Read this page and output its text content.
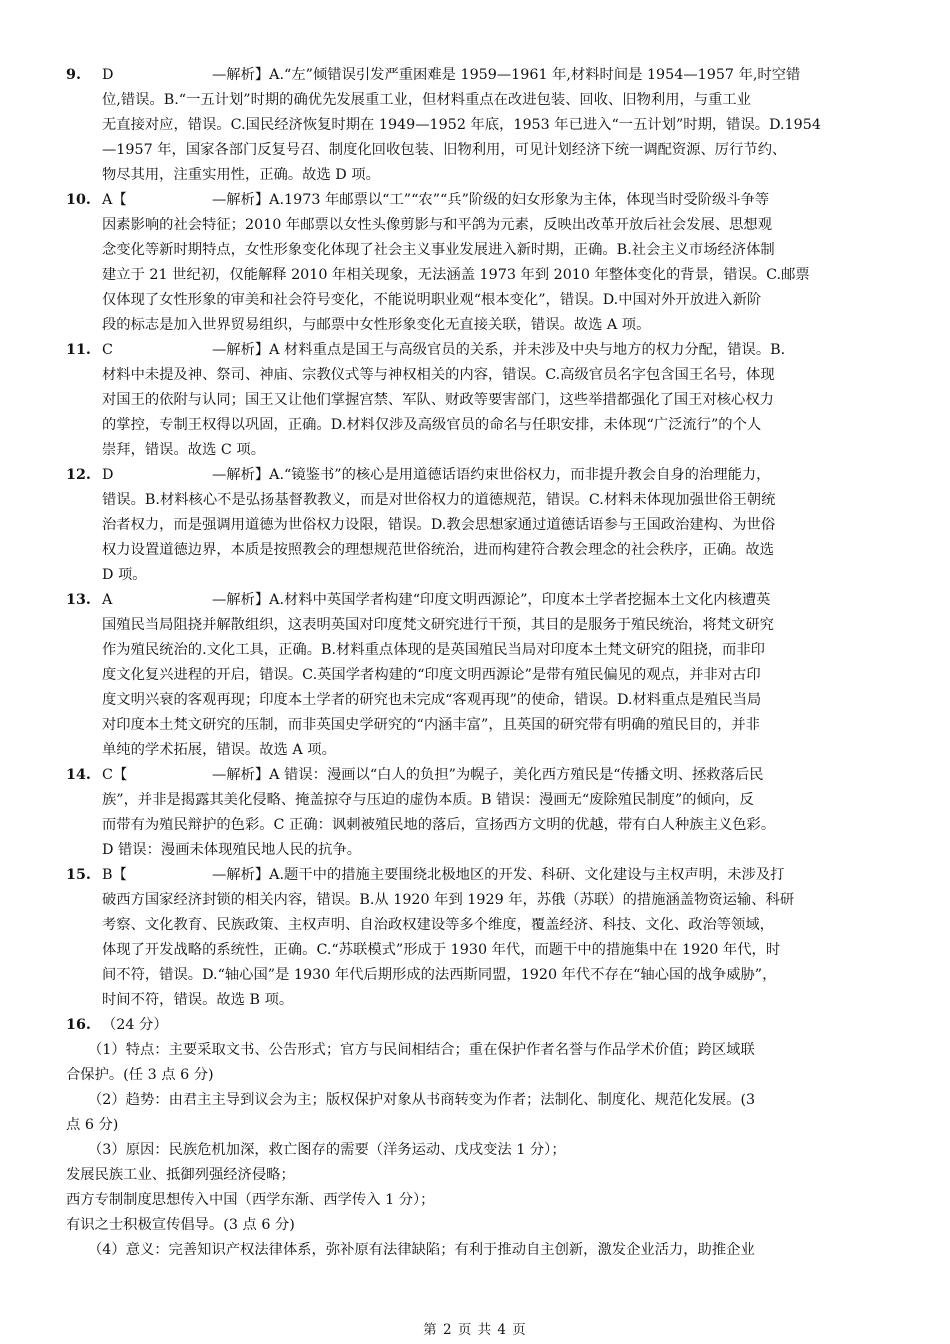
9.	D	—解析】A.“左”倾错误引发严重困难是 1959—1961 年,材料时间是 1954—1957 年,时空错

位,错误。B.“一五计划”时期的确优先发展重工业，但材料重点在改进包装、回收、旧物利用，与重工业

无直接对应，错误。C.国民经济恢复时期在 1949—1952 年底，1953 年已进入“一五计划”时期，错误。D.1954

—1957 年，国家各部门反复号召、制度化回收包装、旧物利用，可见计划经济下统一调配资源、厉行节约、

物尽其用，注重实用性，正确。故选 D 项。

10. A【	—解析】A.1973 年邮票以“工”“农”“兵”阶级的妇女形象为主体，体现当时受阶级斗争等

因素影响的社会特征；2010 年邮票以女性头像剪影与和平鸽为元素，反映出改革开放后社会发展、思想观

念变化等新时期特点，女性形象变化体现了社会主义事业发展进入新时期，正确。B.社会主义市场经济体制

建立于 21 世纪初，仅能解释 2010 年相关现象，无法涵盖 1973 年到 2010 年整体变化的背景，错误。C.邮票

仅体现了女性形象的审美和社会符号变化，不能说明职业观“根本变化”，错误。D.中国对外开放进入新阶

段的标志是加入世界贸易组织，与邮票中女性形象变化无直接关联，错误。故选 A 项。

11. C	—解析】A 材料重点是国王与高级官员的关系，并未涉及中央与地方的权力分配，错误。B.

材料中未提及神、祭司、神庙、宗教仪式等与神权相关的内容，错误。C.高级官员名字包含国王名号，体现

对国王的依附与认同；国王又让他们掌握宫禁、军队、财政等要害部门，这些举措都强化了国王对核心权力

的掌控，专制王权得以巩固，正确。D.材料仅涉及高级官员的命名与任职安排，未体现“广泛流行”的个人

崇拜，错误。故选 C 项。

12. D	—解析】A.“镜鉴书”的核心是用道德话语约束世俗权力，而非提升教会自身的治理能力，

错误。B.材料核心不是弘扬基督教教义，而是对世俗权力的道德规范，错误。C.材料未体现加强世俗王朝统

治者权力，而是强调用道德为世俗权力设限，错误。D.教会思想家通过道德话语参与王国政治建构、为世俗

权力设置道德边界，本质是按照教会的理想规范世俗统治，进而构建符合教会理念的社会秩序，正确。故选

D 项。

13. A	—解析】A.材料中英国学者构建“印度文明西源论”，印度本土学者挖掘本土文化内核遭英

国殖民当局阻挠并解散组织，这表明英国对印度梵文研究进行干预，其目的是服务于殖民统治，将梵文研究

作为殖民统治的.文化工具，正确。B.材料重点体现的是英国殖民当局对印度本土梵文研究的阻挠，而非印

度文化复兴进程的开启，错误。C.英国学者构建的“印度文明西源论”是带有殖民偏见的观点，并非对古印

度文明兴衰的客观再现；印度本土学者的研究也未完成“客观再现”的使命，错误。D.材料重点是殖民当局

对印度本土梵文研究的压制，而非英国史学研究的“内涵丰富”，且英国的研究带有明确的殖民目的，并非

单纯的学术拓展，错误。故选 A 项。

14. C【	—解析】A 错误：漫画以“白人的负担”为幌子，美化西方殖民是“传播文明、拯救落后民

族”，并非是揭露其美化侵略、掩盖掠夺与压迫的虚伪本质。B 错误：漫画无“废除殖民制度”的倾向，反

而带有为殖民辩护的色彩。C 正确：讽刺被殖民地的落后，宣扬西方文明的优越，带有白人种族主义色彩。

D 错误：漫画未体现殖民地人民的抗争。

15. B【	—解析】A.题干中的措施主要围绕北极地区的开发、科研、文化建设与主权声明，未涉及打

破西方国家经济封锁的相关内容，错误。B.从 1920 年到 1929 年，苏俄（苏联）的措施涵盖物资运输、科研

考察、文化教育、民族政策、主权声明、自治政权建设等多个维度，覆盖经济、科技、文化、政治等领域，

体现了开发战略的系统性，正确。C.“苏联模式”形成于 1930 年代，而题干中的措施集中在 1920 年代，时

间不符，错误。D.“轴心国”是 1930 年代后期形成的法西斯同盟，1920 年代不存在“轴心国的战争威胁”，

时间不符，错误。故选 B 项。

16. （24 分）

（1）特点：主要采取文书、公告形式；官方与民间相结合；重在保护作者名誉与作品学术价值；跨区域联

合保护。(任 3 点 6 分)

（2）趋势：由君主主导到议会为主；版权保护对象从书商转变为作者；法制化、制度化、规范化发展。(3

点 6 分)

（3）原因：民族危机加深，救亡图存的需要（洋务运动、戊戌变法 1 分）；

发展民族工业、抵御列强经济侵略；

西方专制制度思想传入中国（西学东渐、西学传入 1 分）；

有识之士积极宣传倡导。(3 点 6 分)

（4）意义：完善知识产权法律体系，弥补原有法律缺陷；有利于推动自主创新，激发企业活力，助推企业

第 2 页 共 4 页
